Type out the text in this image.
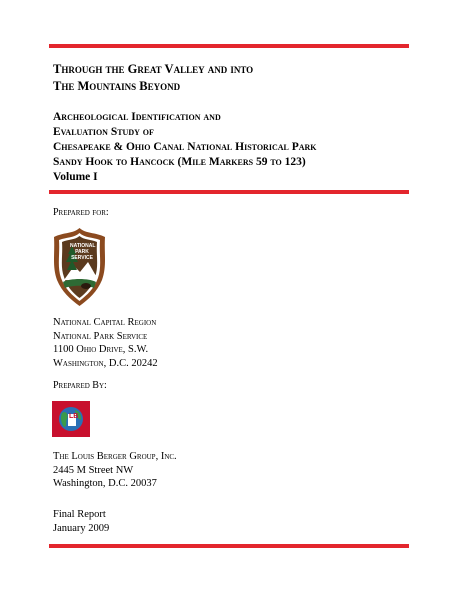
Through the Great Valley and into
The Mountains Beyond
Archeological Identification and
Evaluation Study of
Chesapeake & Ohio Canal National Historical Park
Sandy Hook to Hancock (Mile Markers 59 to 123)
Volume I
Prepared for:
NATIONAL PARK SERVICE
National Capital Region
National Park Service
1100 Ohio Drive, S.W.
Washington, D.C. 20242
Prepared By:
LB
The Louis Berger Group, Inc.
2445 M Street NW
Washington, D.C. 20037
Final Report
January 2009
